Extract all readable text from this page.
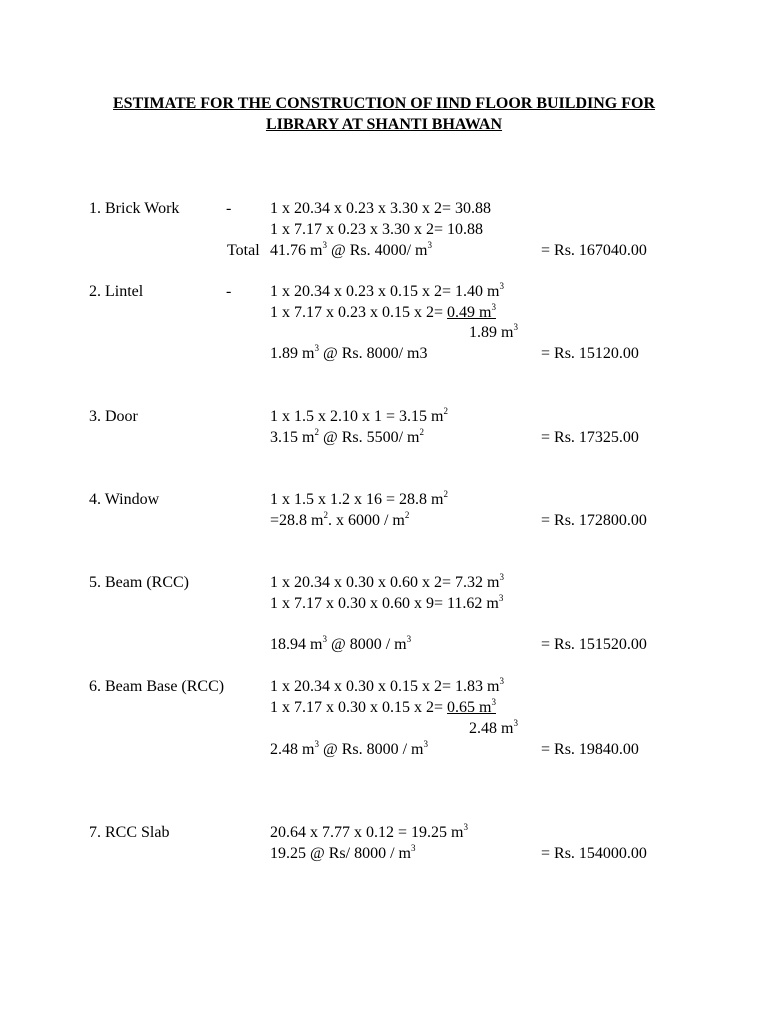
ESTIMATE FOR THE CONSTRUCTION OF IIND FLOOR BUILDING FOR
LIBRARY AT SHANTI BHAWAN
1. Brick Work	- 1 x 20.34 x 0.23 x 3.30 x 2= 30.88
1 x 7.17 x 0.23 x 3.30 x 2= 10.88
Total 41.76 $m^3$ @ Rs. 4000/ $m^3$	= Rs. 167040.00
2. Lintel	- 1 x 20.34 x 0.23 x 0.15 x 2= 1.40 $m^3$
1 x 7.17 x 0.23 x 0.15 x 2= 0.49 $m^3$
1.89 $m^3$
1.89 $m^3$ @ Rs. 8000/ m3	= Rs. 15120.00
3. Door	1 x 1.5 x 2.10 x 1 = 3.15 $m^2$
3.15 $m^2$ @ Rs. 5500/ $m^2$	= Rs. 17325.00
4. Window	1 x 1.5 x 1.2 x 16 = 28.8 $m^2$
=28.8 $m^2$. x $6000 / m^2$	= Rs. 172800.00
5. Beam (RCC)	1 x 20.34 x 0.30 x 0.60 x 2= 7.32 $m^3$
1 x 7.17 x 0.30 x 0.60 x 9= 11.62 $m^3$
18.94 $m^3$ @ $8000 / m^3$	= Rs. 151520.00
6. Beam Base (RCC)	1 x 20.34 x 0.30 x 0.15 x 2= 1.83 $m^3$
1 x 7.17 x 0.30 x 0.15 x 2= 0.65 $m^3$
2.48 $m^3$
2.48 $m^3$ @ Rs. $8000 / m^3$	= Rs. 19840.00
7. RCC Slab	20.64 x 7.77 x 0.12 = 19.25 $m^3$
19.25 @ Rs/ $8000 / m^3$	= Rs. 154000.00
